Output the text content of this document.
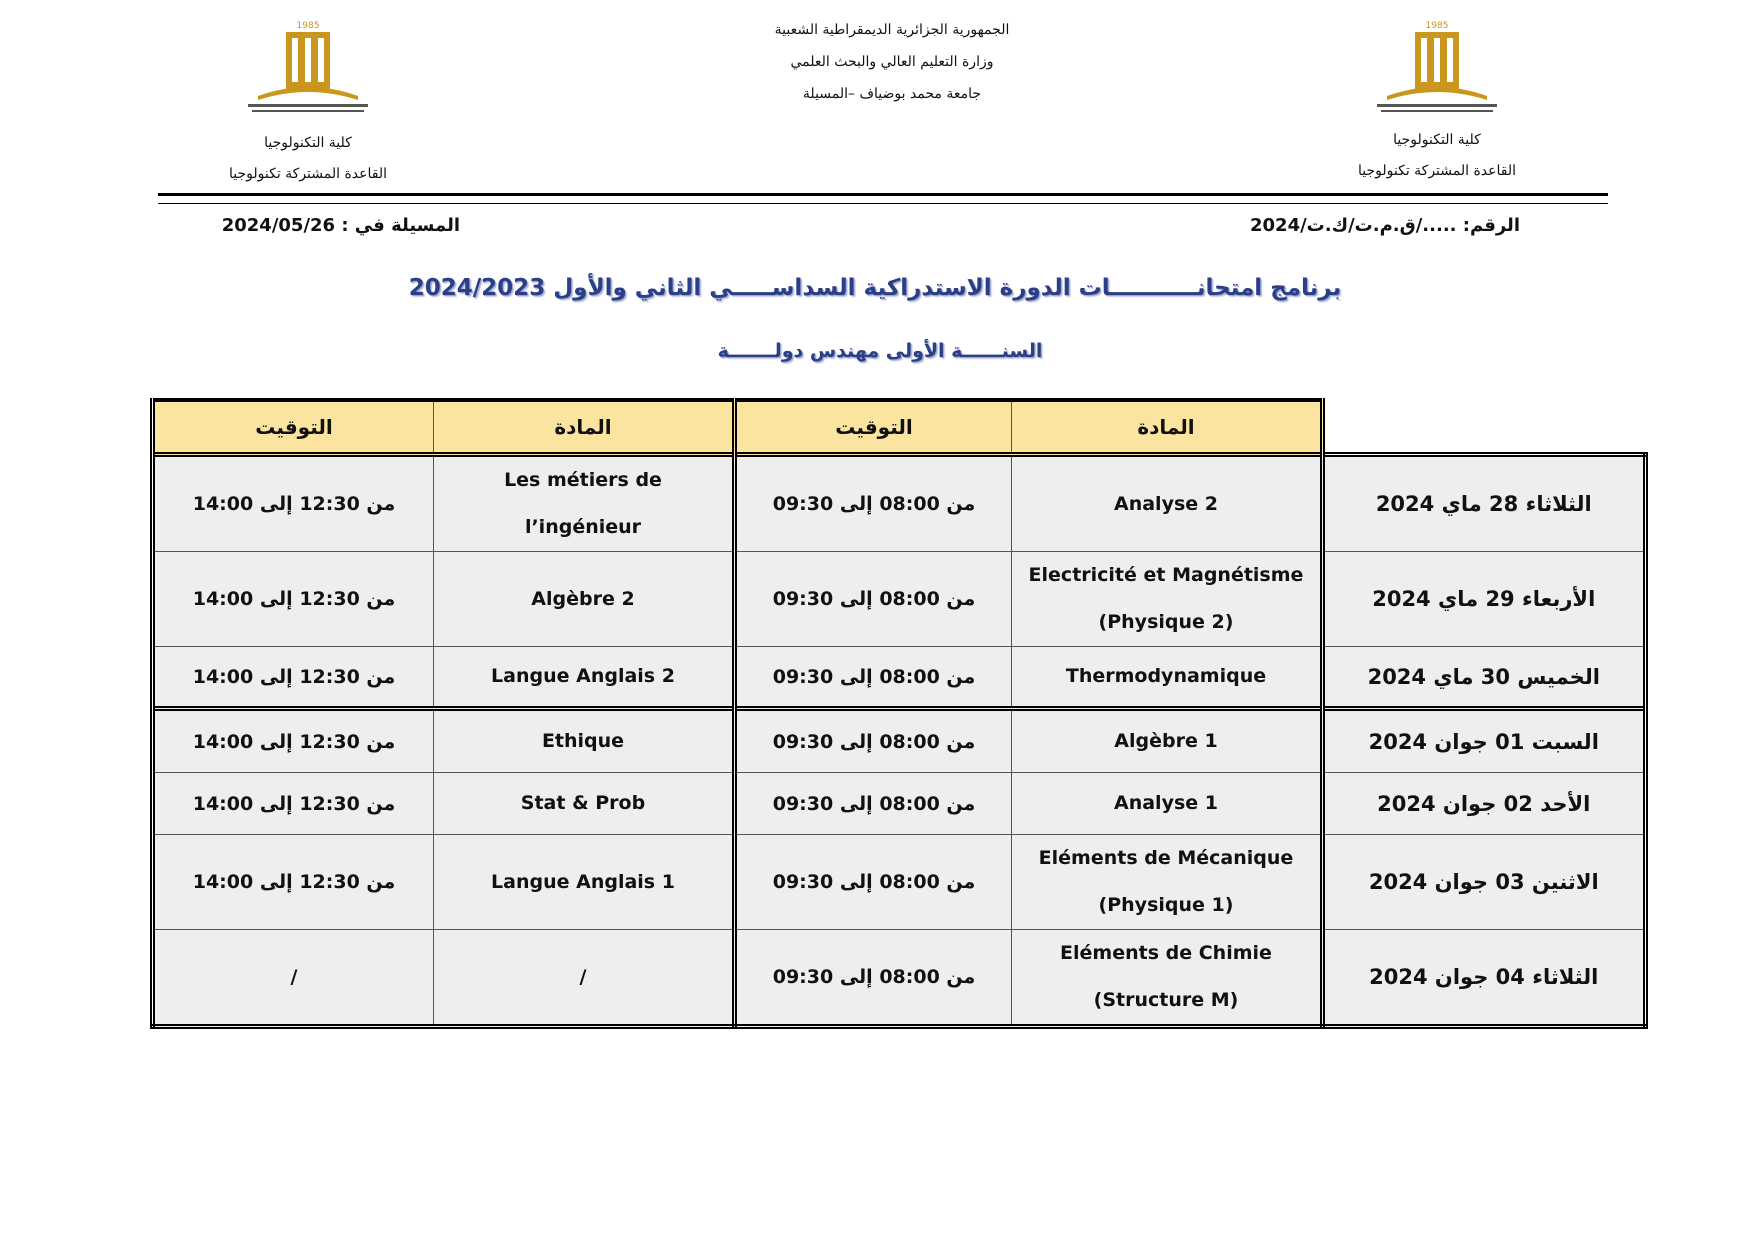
الجمهورية الجزائرية الديمقراطية الشعبية
وزارة التعليم العالي والبحث العلمي
جامعة محمد بوضياف –المسيلة
1985
كلية التكنولوجيا
القاعدة المشتركة تكنولوجيا
1985
كلية التكنولوجيا
القاعدة المشتركة تكنولوجيا
الرقم: ...../ق.م.ت/ك.ت/2024
المسيلة في : 2024/05/26
برنامج امتحانـــــــــــات الدورة الاستدراكية السداســـــي الثاني والأول 2024/2023
السنــــــة الأولى مهندس دولـــــــة
	المادة	التوقيت	المادة	التوقيت
الثلاثاء 28 ماي 2024	Analyse 2	من 08:00 إلى 09:30	Les métiers de
l’ingénieur	من 12:30 إلى 14:00
الأربعاء 29 ماي 2024	Electricité et Magnétisme
(Physique 2)	من 08:00 إلى 09:30	Algèbre 2	من 12:30 إلى 14:00
الخميس 30 ماي 2024	Thermodynamique	من 08:00 إلى 09:30	Langue Anglais 2	من 12:30 إلى 14:00
السبت 01 جوان 2024	Algèbre 1	من 08:00 إلى 09:30	Ethique	من 12:30 إلى 14:00
الأحد 02 جوان 2024	Analyse 1	من 08:00 إلى 09:30	Stat & Prob	من 12:30 إلى 14:00
الاثنين 03 جوان 2024	Eléments de Mécanique
(Physique 1)	من 08:00 إلى 09:30	Langue Anglais 1	من 12:30 إلى 14:00
الثلاثاء 04 جوان 2024	Eléments de Chimie
(Structure M)	من 08:00 إلى 09:30	/	/
